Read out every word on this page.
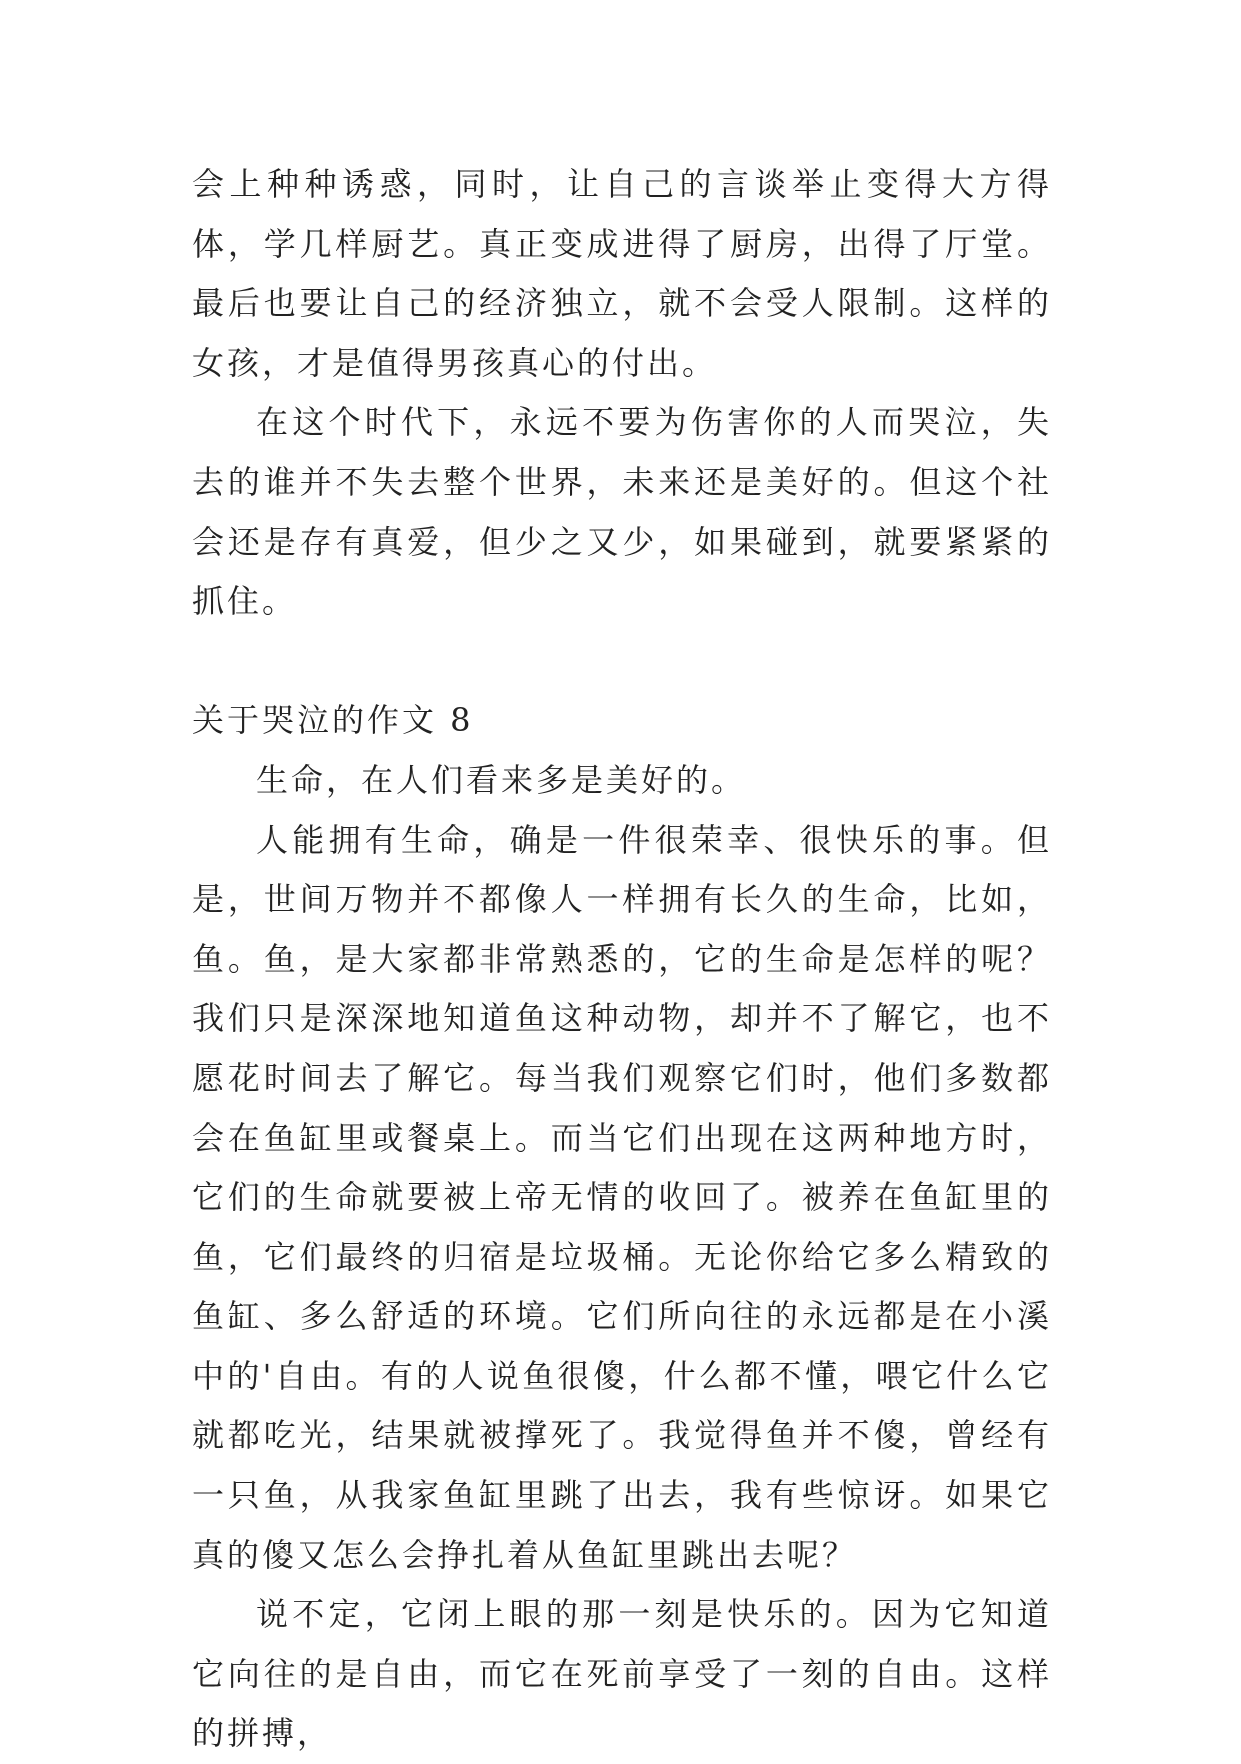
会上种种诱惑，同时，让自己的言谈举止变得大方得体，学几样厨艺。真正变成进得了厨房，出得了厅堂。最后也要让自己的经济独立，就不会受人限制。这样的女孩，才是值得男孩真心的付出。

在这个时代下，永远不要为伤害你的人而哭泣，失去的谁并不失去整个世界，未来还是美好的。但这个社会还是存有真爱，但少之又少，如果碰到，就要紧紧的抓住。

关于哭泣的作文 8

生命，在人们看来多是美好的。

人能拥有生命，确是一件很荣幸、很快乐的事。但是，世间万物并不都像人一样拥有长久的生命，比如，鱼。鱼，是大家都非常熟悉的，它的生命是怎样的呢？我们只是深深地知道鱼这种动物，却并不了解它，也不愿花时间去了解它。每当我们观察它们时，他们多数都会在鱼缸里或餐桌上。而当它们出现在这两种地方时，它们的生命就要被上帝无情的收回了。被养在鱼缸里的鱼，它们最终的归宿是垃圾桶。无论你给它多么精致的鱼缸、多么舒适的环境。它们所向往的永远都是在小溪中的'自由。有的人说鱼很傻，什么都不懂，喂它什么它就都吃光，结果就被撑死了。我觉得鱼并不傻，曾经有一只鱼，从我家鱼缸里跳了出去，我有些惊讶。如果它真的傻又怎么会挣扎着从鱼缸里跳出去呢？

说不定，它闭上眼的那一刻是快乐的。因为它知道它向往的是自由，而它在死前享受了一刻的自由。这样的拼搏，
